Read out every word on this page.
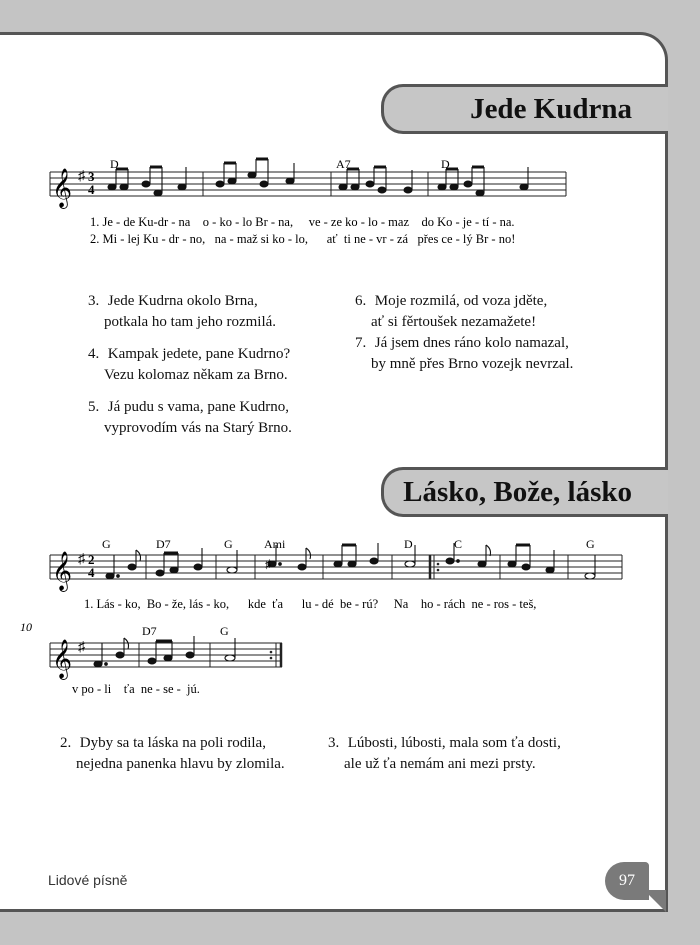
Jede Kudrna
𝄞 ♯ 3
4
D	A7	D
1. Je - de Ku-dr - na    o - ko - lo Br - na,     ve - ze ko - lo - maz    do Ko - je - tí - na.
2. Mi - lej Ku - dr - no,   na - maž si ko - lo,      ať  ti ne - vr - zá   přes ce - lý Br - no!
3. Jede Kudrna okolo Brna,
potkala ho tam jeho rozmilá.
4. Kampak jedete, pane Kudrno?
Vezu kolomaz někam za Brno.
5. Já pudu s vama, pane Kudrno,
vyprovodím vás na Starý Brno.
6. Moje rozmilá, od voza jděte,
ať si fěrtoušek nezamažete!
7. Já jsem dnes ráno kolo namazal,
by mně přes Brno vozejk nevrzal.
Lásko, Bože, lásko
𝄞 ♯ 2
4
♯
G	D7	G	Ami	D	C	G
1. Lás - ko,  Bo - že, lás - ko,      kde  ťa      lu - dé  be - rú?     Na    ho - rách  ne - ros - teš,
10
𝄞 ♯
D7	G
v po - li    ťa  ne - se -  jú.
2. Dyby sa ta láska na poli rodila,
nejedna panenka hlavu by zlomila.
3. Lúbosti, lúbosti, mala som ťa dosti,
ale už ťa nemám ani mezi prsty.
Lidové písně	97
